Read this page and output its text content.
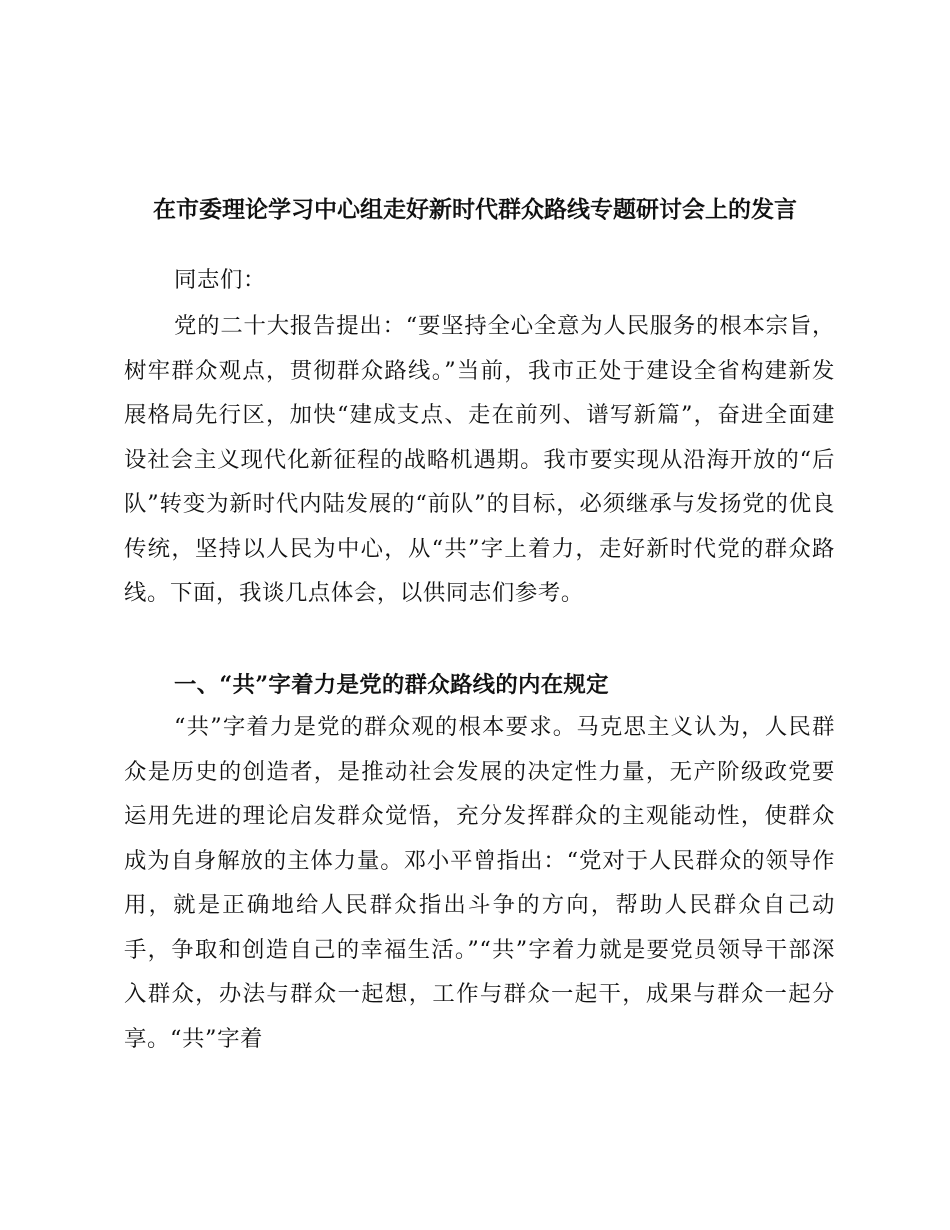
在市委理论学习中心组走好新时代群众路线专题研讨会上的发言
同志们：
党的二十大报告提出：“要坚持全心全意为人民服务的根本宗旨，树牢群众观点，贯彻群众路线。”当前，我市正处于建设全省构建新发展格局先行区，加快“建成支点、走在前列、谱写新篇”，奋进全面建设社会主义现代化新征程的战略机遇期。我市要实现从沿海开放的“后队”转变为新时代内陆发展的“前队”的目标，必须继承与发扬党的优良传统，坚持以人民为中心，从“共”字上着力，走好新时代党的群众路线。下面，我谈几点体会，以供同志们参考。
一、“共”字着力是党的群众路线的内在规定
“共”字着力是党的群众观的根本要求。马克思主义认为，人民群众是历史的创造者，是推动社会发展的决定性力量，无产阶级政党要运用先进的理论启发群众觉悟，充分发挥群众的主观能动性，使群众成为自身解放的主体力量。邓小平曾指出：“党对于人民群众的领导作用，就是正确地给人民群众指出斗争的方向，帮助人民群众自己动手，争取和创造自己的幸福生活。”“共”字着力就是要党员领导干部深入群众，办法与群众一起想，工作与群众一起干，成果与群众一起分享。“共”字着
